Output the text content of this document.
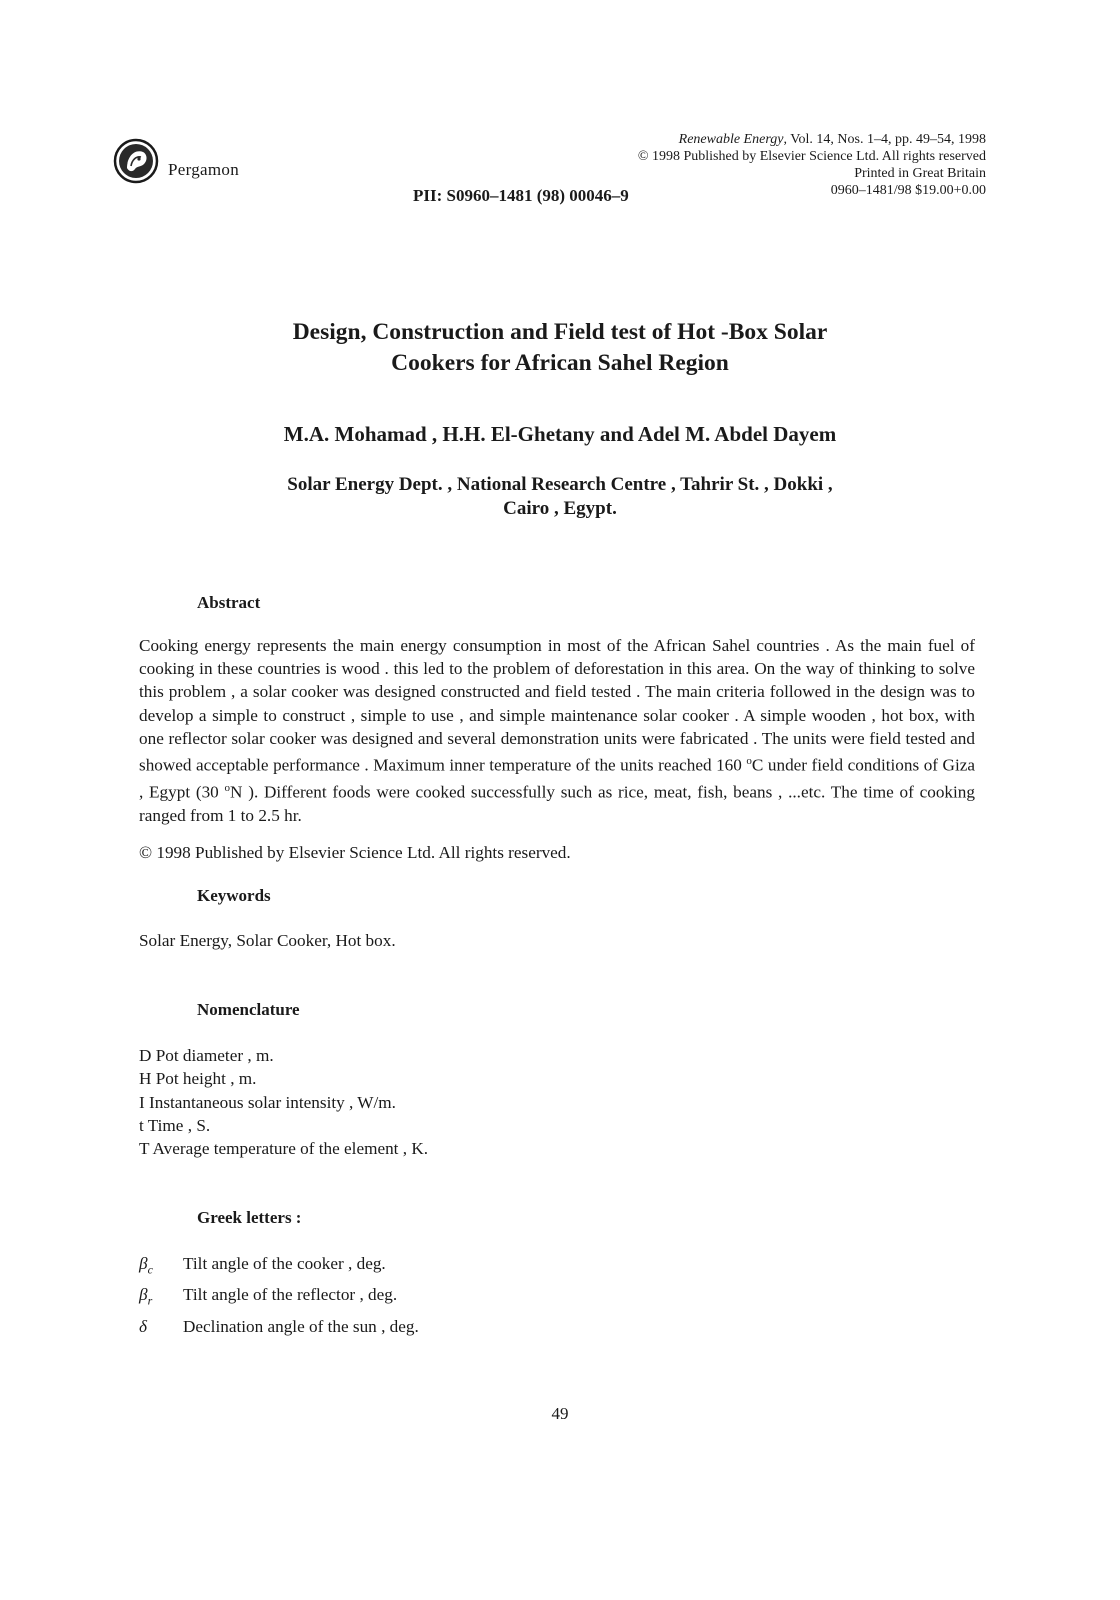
Pergamon
PII: S0960–1481 (98) 00046–9
Renewable Energy, Vol. 14, Nos. 1–4, pp. 49–54, 1998
© 1998 Published by Elsevier Science Ltd. All rights reserved
Printed in Great Britain
0960–1481/98 $19.00+0.00
Design, Construction and Field test of Hot -Box Solar
Cookers for African Sahel Region
M.A. Mohamad , H.H. El-Ghetany and Adel M. Abdel Dayem
Solar Energy Dept. , National Research Centre , Tahrir St. , Dokki ,
Cairo , Egypt.
Abstract
Cooking energy represents the main energy consumption in most of the African Sahel countries . As the main fuel of cooking in these countries is wood . this led to the problem of deforestation in this area. On the way of thinking to solve this problem , a solar cooker was designed constructed and field tested . The main criteria followed in the design was to develop a simple to construct , simple to use , and simple maintenance solar cooker . A simple wooden , hot box, with one reflector solar cooker was designed and several demonstration units were fabricated . The units were field tested and showed acceptable performance . Maximum inner temperature of the units reached 160 $^o$C under field conditions of Giza , Egypt (30 $^o$N ). Different foods were cooked successfully such as rice, meat, fish, beans , ...etc. The time of cooking ranged from 1 to 2.5 hr.
© 1998 Published by Elsevier Science Ltd. All rights reserved.
Keywords
Solar Energy, Solar Cooker, Hot box.
Nomenclature
D Pot diameter , m.
H Pot height , m.
I Instantaneous solar intensity , W/m.
t Time , S.
T Average temperature of the element , K.
Greek letters :
$\beta_c$	Tilt angle of the cooker , deg.
$\beta_r$	Tilt angle of the reflector , deg.
δ	Declination angle of the sun , deg.
49
